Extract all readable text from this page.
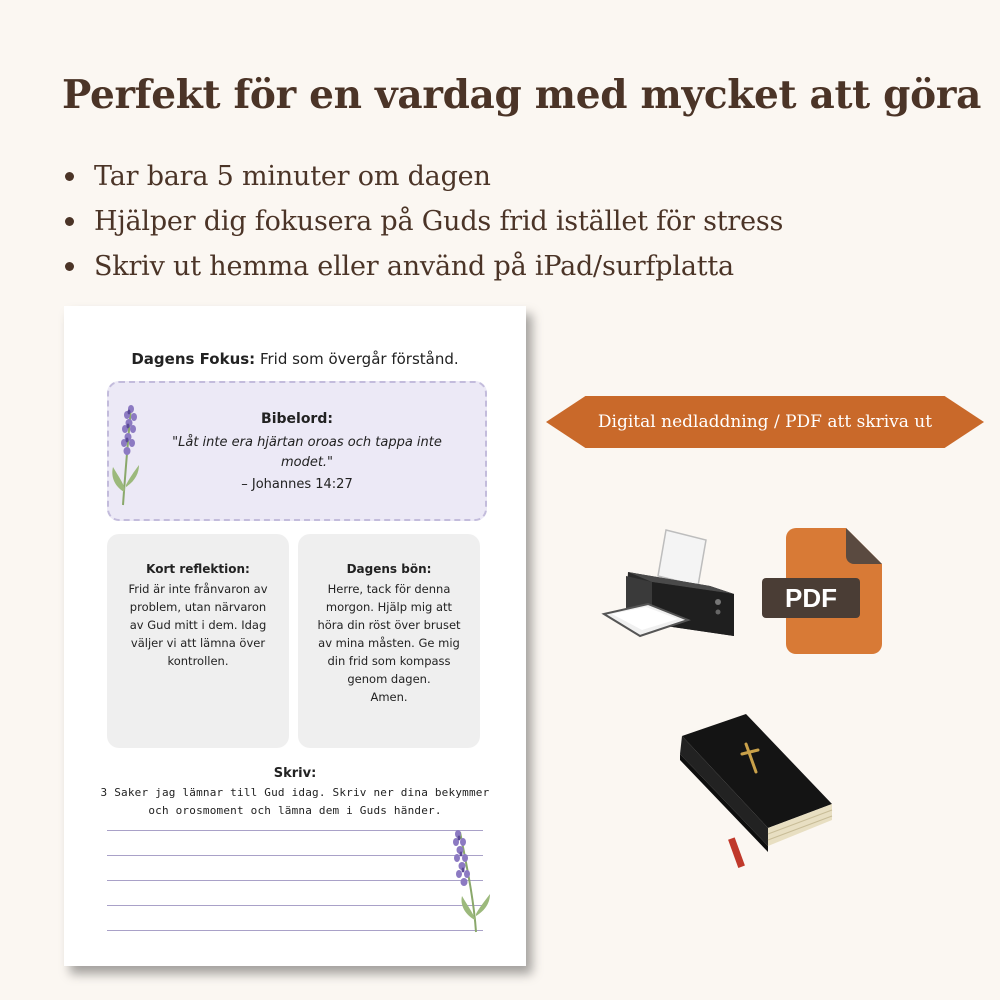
Perfekt för en vardag med mycket att göra
Tar bara 5 minuter om dagen
Hjälper dig fokusera på Guds frid istället för stress
Skriv ut hemma eller använd på iPad/surfplatta
Dagens Fokus: Frid som övergår förstånd.
Bibelord:
"Låt inte era hjärtan oroas och tappa inte modet."
– Johannes 14:27
Kort reflektion:
Frid är inte frånvaron av
problem, utan närvaron
av Gud mitt i dem. Idag
väljer vi att lämna över
kontrollen.
Dagens bön:
Herre, tack för denna
morgon. Hjälp mig att
höra din röst över bruset
av mina måsten. Ge mig
din frid som kompass
genom dagen.
Amen.
Skriv:
3 Saker jag lämnar till Gud idag. Skriv ner dina bekymmer och orosmoment och lämna dem i Guds händer.
Digital nedladdning / PDF att skriva ut
PDF
